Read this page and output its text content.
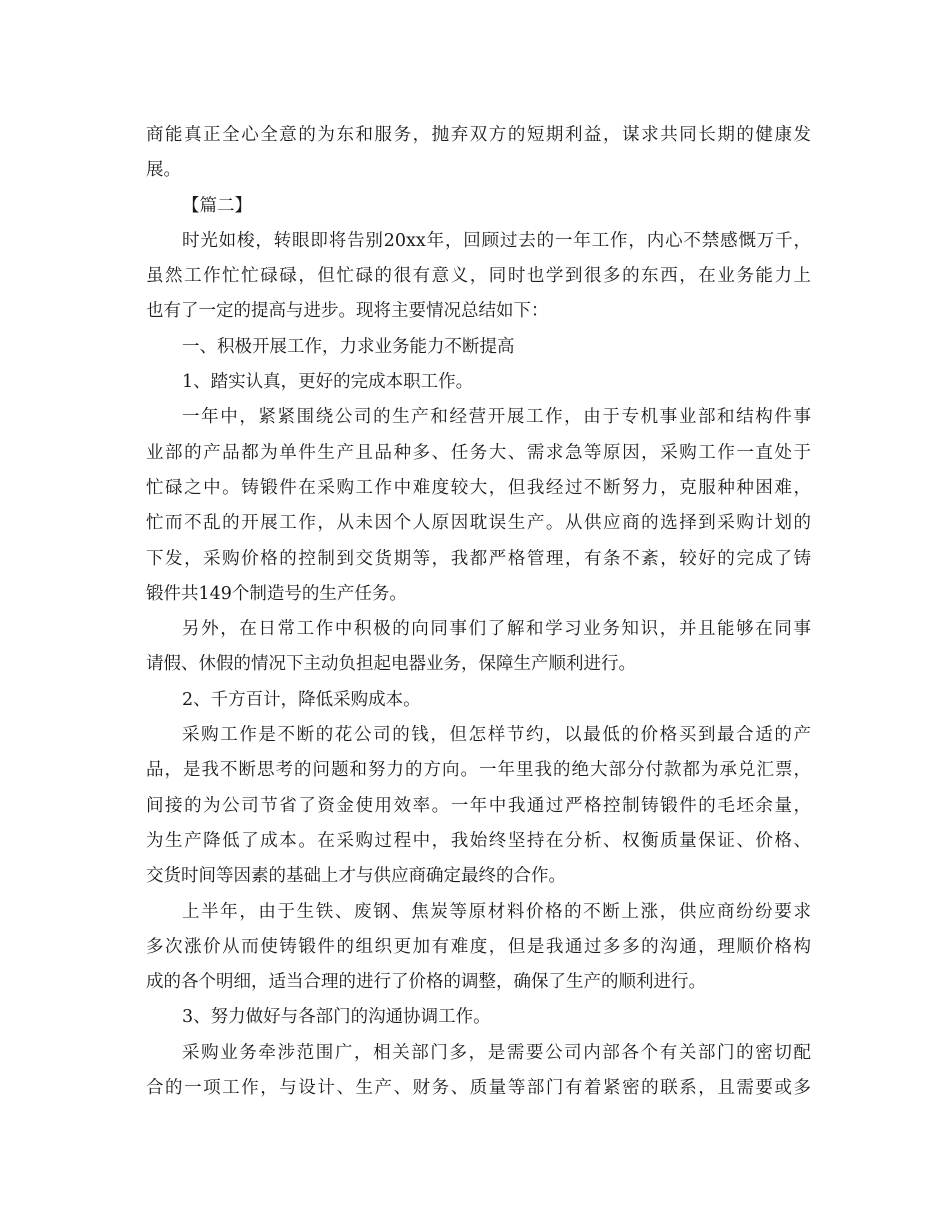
商能真正全心全意的为东和服务，抛弃双方的短期利益，谋求共同长期的健康发
展。
【篇二】
时光如梭，转眼即将告别20xx年，回顾过去的一年工作，内心不禁感慨万千，
虽然工作忙忙碌碌，但忙碌的很有意义，同时也学到很多的东西，在业务能力上
也有了一定的提高与进步。现将主要情况总结如下：
一、积极开展工作，力求业务能力不断提高
1、踏实认真，更好的完成本职工作。
一年中，紧紧围绕公司的生产和经营开展工作，由于专机事业部和结构件事
业部的产品都为单件生产且品种多、任务大、需求急等原因，采购工作一直处于
忙碌之中。铸锻件在采购工作中难度较大，但我经过不断努力，克服种种困难，
忙而不乱的开展工作，从未因个人原因耽误生产。从供应商的选择到采购计划的
下发，采购价格的控制到交货期等，我都严格管理，有条不紊，较好的完成了铸
锻件共149个制造号的生产任务。
另外，在日常工作中积极的向同事们了解和学习业务知识，并且能够在同事
请假、休假的情况下主动负担起电器业务，保障生产顺利进行。
2、千方百计，降低采购成本。
采购工作是不断的花公司的钱，但怎样节约，以最低的价格买到最合适的产
品，是我不断思考的问题和努力的方向。一年里我的绝大部分付款都为承兑汇票，
间接的为公司节省了资金使用效率。一年中我通过严格控制铸锻件的毛坯余量，
为生产降低了成本。在采购过程中，我始终坚持在分析、权衡质量保证、价格、
交货时间等因素的基础上才与供应商确定最终的合作。
上半年，由于生铁、废钢、焦炭等原材料价格的不断上涨，供应商纷纷要求
多次涨价从而使铸锻件的组织更加有难度，但是我通过多多的沟通，理顺价格构
成的各个明细，适当合理的进行了价格的调整，确保了生产的顺利进行。
3、努力做好与各部门的沟通协调工作。
采购业务牵涉范围广，相关部门多，是需要公司内部各个有关部门的密切配
合的一项工作，与设计、生产、财务、质量等部门有着紧密的联系，且需要或多
